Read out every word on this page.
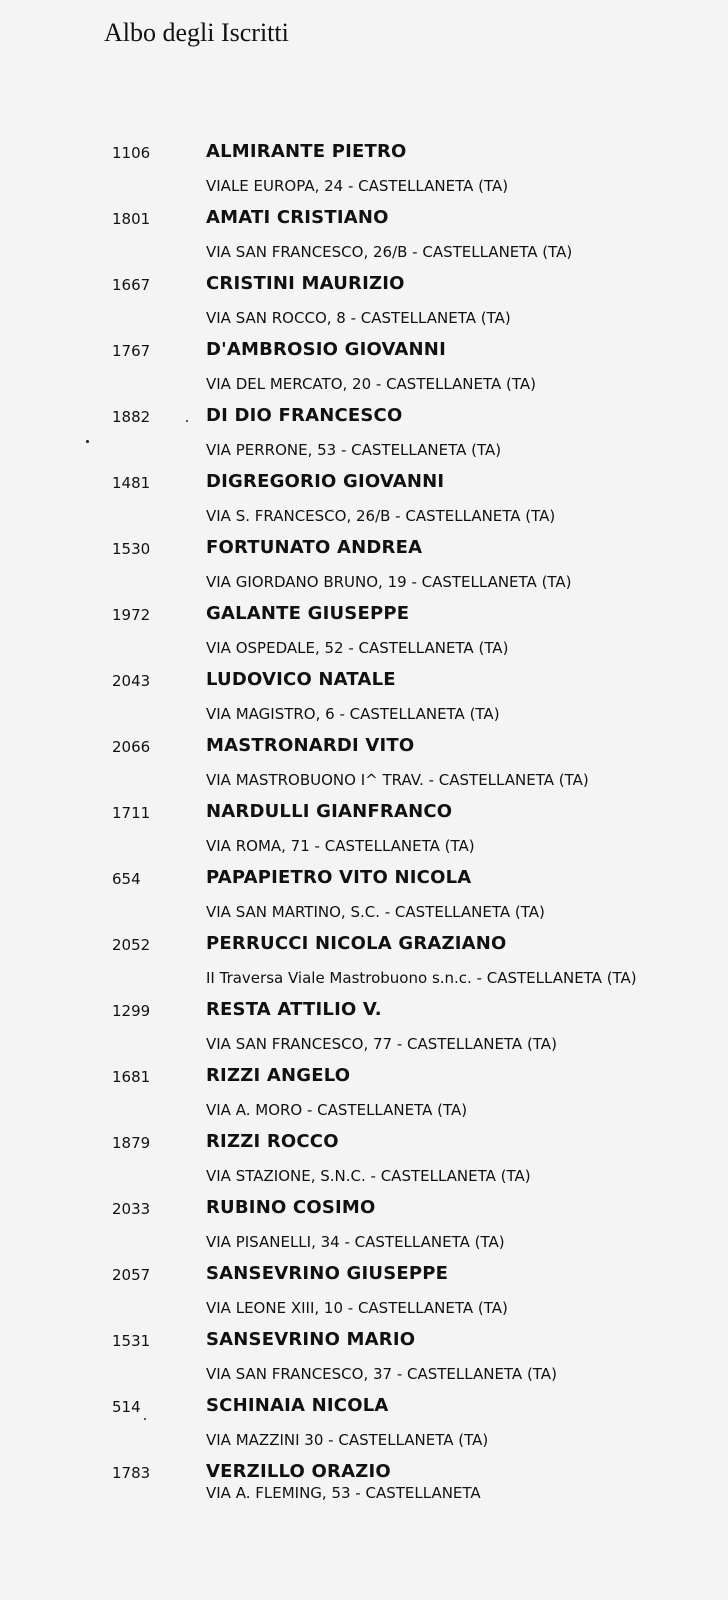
Albo degli Iscritti
1106	ALMIRANTE PIETRO
VIALE EUROPA, 24 - CASTELLANETA (TA)
1801	AMATI CRISTIANO
VIA SAN FRANCESCO, 26/B - CASTELLANETA (TA)
1667	CRISTINI MAURIZIO
VIA SAN ROCCO, 8 - CASTELLANETA (TA)
1767	D'AMBROSIO GIOVANNI
VIA DEL MERCATO, 20 - CASTELLANETA (TA)
1882	DI DIO FRANCESCO
VIA PERRONE, 53 - CASTELLANETA (TA)
1481	DIGREGORIO GIOVANNI
VIA S. FRANCESCO, 26/B - CASTELLANETA (TA)
1530	FORTUNATO ANDREA
VIA GIORDANO BRUNO, 19 - CASTELLANETA (TA)
1972	GALANTE GIUSEPPE
VIA OSPEDALE, 52 - CASTELLANETA (TA)
2043	LUDOVICO NATALE
VIA MAGISTRO, 6 - CASTELLANETA (TA)
2066	MASTRONARDI VITO
VIA MASTROBUONO I^ TRAV. - CASTELLANETA (TA)
1711	NARDULLI GIANFRANCO
VIA ROMA, 71 - CASTELLANETA (TA)
654	PAPAPIETRO VITO NICOLA
VIA SAN MARTINO, S.C. - CASTELLANETA (TA)
2052	PERRUCCI NICOLA GRAZIANO
II Traversa Viale Mastrobuono s.n.c. - CASTELLANETA (TA)
1299	RESTA ATTILIO V.
VIA SAN FRANCESCO, 77 - CASTELLANETA (TA)
1681	RIZZI ANGELO
VIA A. MORO - CASTELLANETA (TA)
1879	RIZZI ROCCO
VIA STAZIONE, S.N.C. - CASTELLANETA (TA)
2033	RUBINO COSIMO
VIA PISANELLI, 34 - CASTELLANETA (TA)
2057	SANSEVRINO GIUSEPPE
VIA LEONE XIII, 10 - CASTELLANETA (TA)
1531	SANSEVRINO MARIO
VIA SAN FRANCESCO, 37 - CASTELLANETA (TA)
514	SCHINAIA NICOLA
VIA MAZZINI 30 - CASTELLANETA (TA)
1783	VERZILLO ORAZIO
VIA A. FLEMING, 53 - CASTELLANETA
